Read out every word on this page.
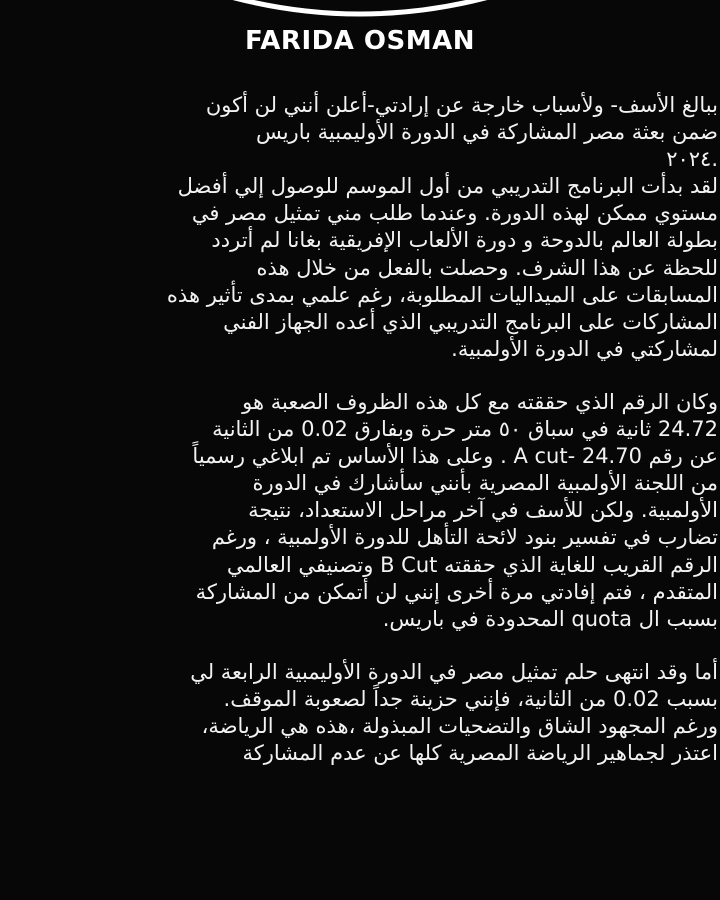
FARIDA OSMAN
ببالغ الأسف- ولأسباب خارجة عن إرادتي-أعلن أنني لن أكون
ضمن بعثة مصر المشاركة في الدورة الأوليمبية باريس
٢٠٢٤.
لقد بدأت البرنامج التدريبي من أول الموسم للوصول إلي أفضل
مستوي ممكن لهذه الدورة. وعندما طلب مني تمثيل مصر في
بطولة العالم بالدوحة و دورة الألعاب الإفريقية بغانا لم أتردد
للحظة عن هذا الشرف. وحصلت بالفعل من خلال هذه
المسابقات على الميداليات المطلوبة، رغم علمي بمدى تأثير هذه
المشاركات على البرنامج التدريبي الذي أعده الجهاز الفني
لمشاركتي في الدورة الأولمبية.
وكان الرقم الذي حققته مع كل هذه الظروف الصعبة هو
24.72 ثانية في سباق ٥٠ متر حرة وبفارق 0.02 من الثانية
عن رقم A cut- 24.70 . وعلى هذا الأساس تم ابلاغي رسمياً
من اللجنة الأولمبية المصرية بأنني سأشارك في الدورة
الأولمبية. ولكن للأسف في آخر مراحل الاستعداد، نتيجة
تضارب في تفسير بنود لائحة التأهل للدورة الأولمبية ، ورغم
الرقم القريب للغاية الذي حققته B Cut وتصنيفي العالمي
المتقدم ، فتم إفادتي مرة أخرى إنني لن أتمكن من المشاركة
بسبب ال quota المحدودة في باريس.
أما وقد انتهى حلم تمثيل مصر في الدورة الأوليمبية الرابعة لي
بسبب 0.02 من الثانية، فإنني حزينة جداً لصعوبة الموقف.
ورغم المجهود الشاق والتضحيات المبذولة ،هذه هي الرياضة،
اعتذر لجماهير الرياضة المصرية كلها عن عدم المشاركة
